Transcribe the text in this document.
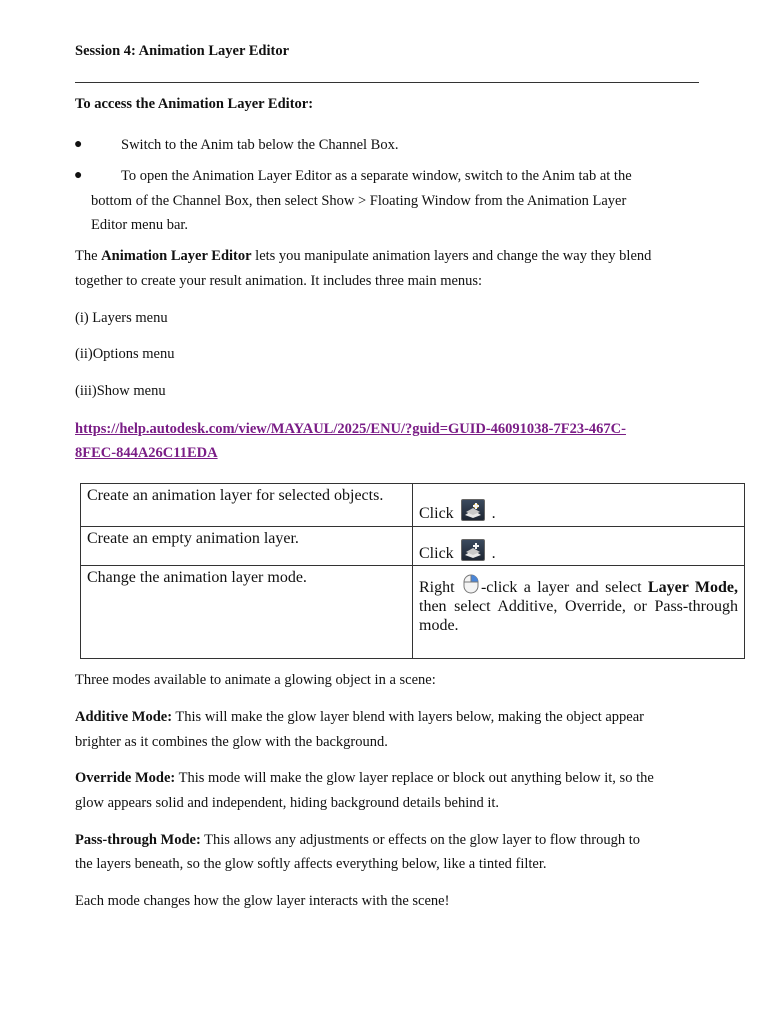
Session 4: Animation Layer Editor
To access the Animation Layer Editor:
●	Switch to the Anim tab below the Channel Box.
●	To open the Animation Layer Editor as a separate window, switch to the Anim tab at the
bottom of the Channel Box, then select Show > Floating Window from the Animation Layer
Editor menu bar.
The Animation Layer Editor lets you manipulate animation layers and change the way they blend
together to create your result animation. It includes three main menus:
(i) Layers menu
(ii)Options menu
(iii)Show menu
https://help.autodesk.com/view/MAYAUL/2025/ENU/?guid=GUID-46091038-7F23-467C-
8FEC-844A26C11EDA
Create an animation layer for selected objects.	Click .
Create an empty animation layer.	Click .
Change the animation layer mode.	Right -click a layer and select Layer Mode, then select Additive, Override, or Pass-through mode.
Three modes available to animate a glowing object in a scene:
Additive Mode: This will make the glow layer blend with layers below, making the object appear
brighter as it combines the glow with the background.
Override Mode: This mode will make the glow layer replace or block out anything below it, so the
glow appears solid and independent, hiding background details behind it.
Pass-through Mode: This allows any adjustments or effects on the glow layer to flow through to
the layers beneath, so the glow softly affects everything below, like a tinted filter.
Each mode changes how the glow layer interacts with the scene!
